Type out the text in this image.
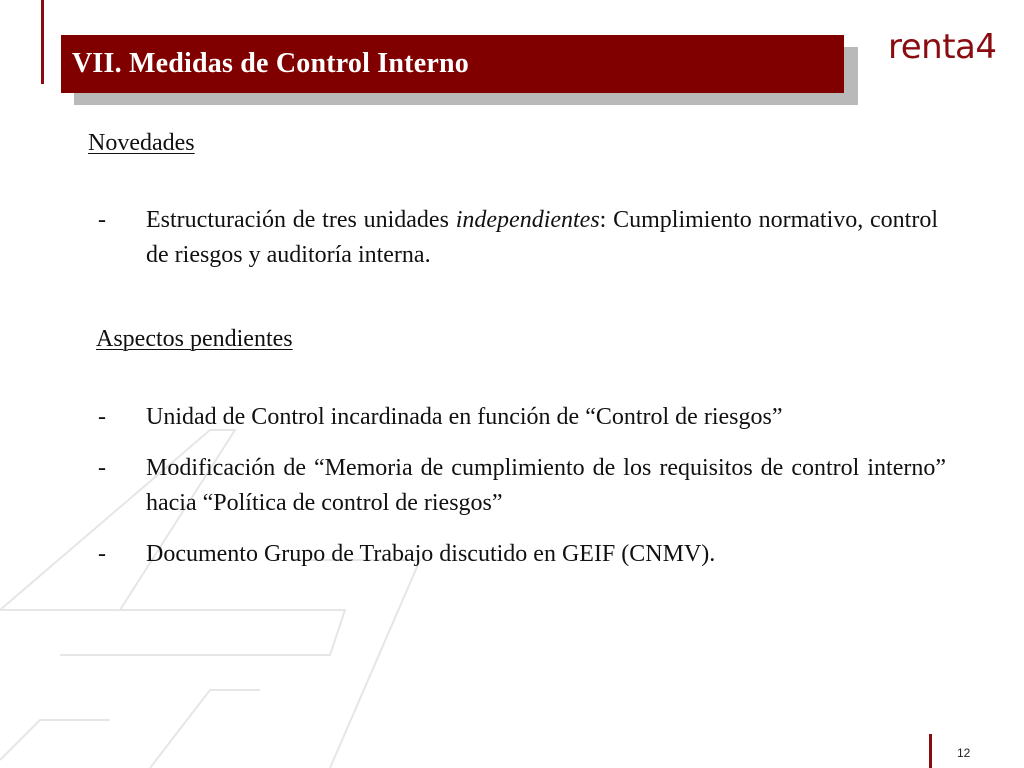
VII. Medidas de Control Interno	renta4
Novedades
-	Estructuración de tres unidades independientes: Cumplimiento normativo, control de riesgos y auditoría interna.
Aspectos pendientes
-	Unidad de Control incardinada en función de “Control de riesgos”
-	Modificación de “Memoria de cumplimiento de los requisitos de control interno” hacia “Política de control de riesgos”
-	Documento Grupo de Trabajo discutido en GEIF (CNMV).
12
